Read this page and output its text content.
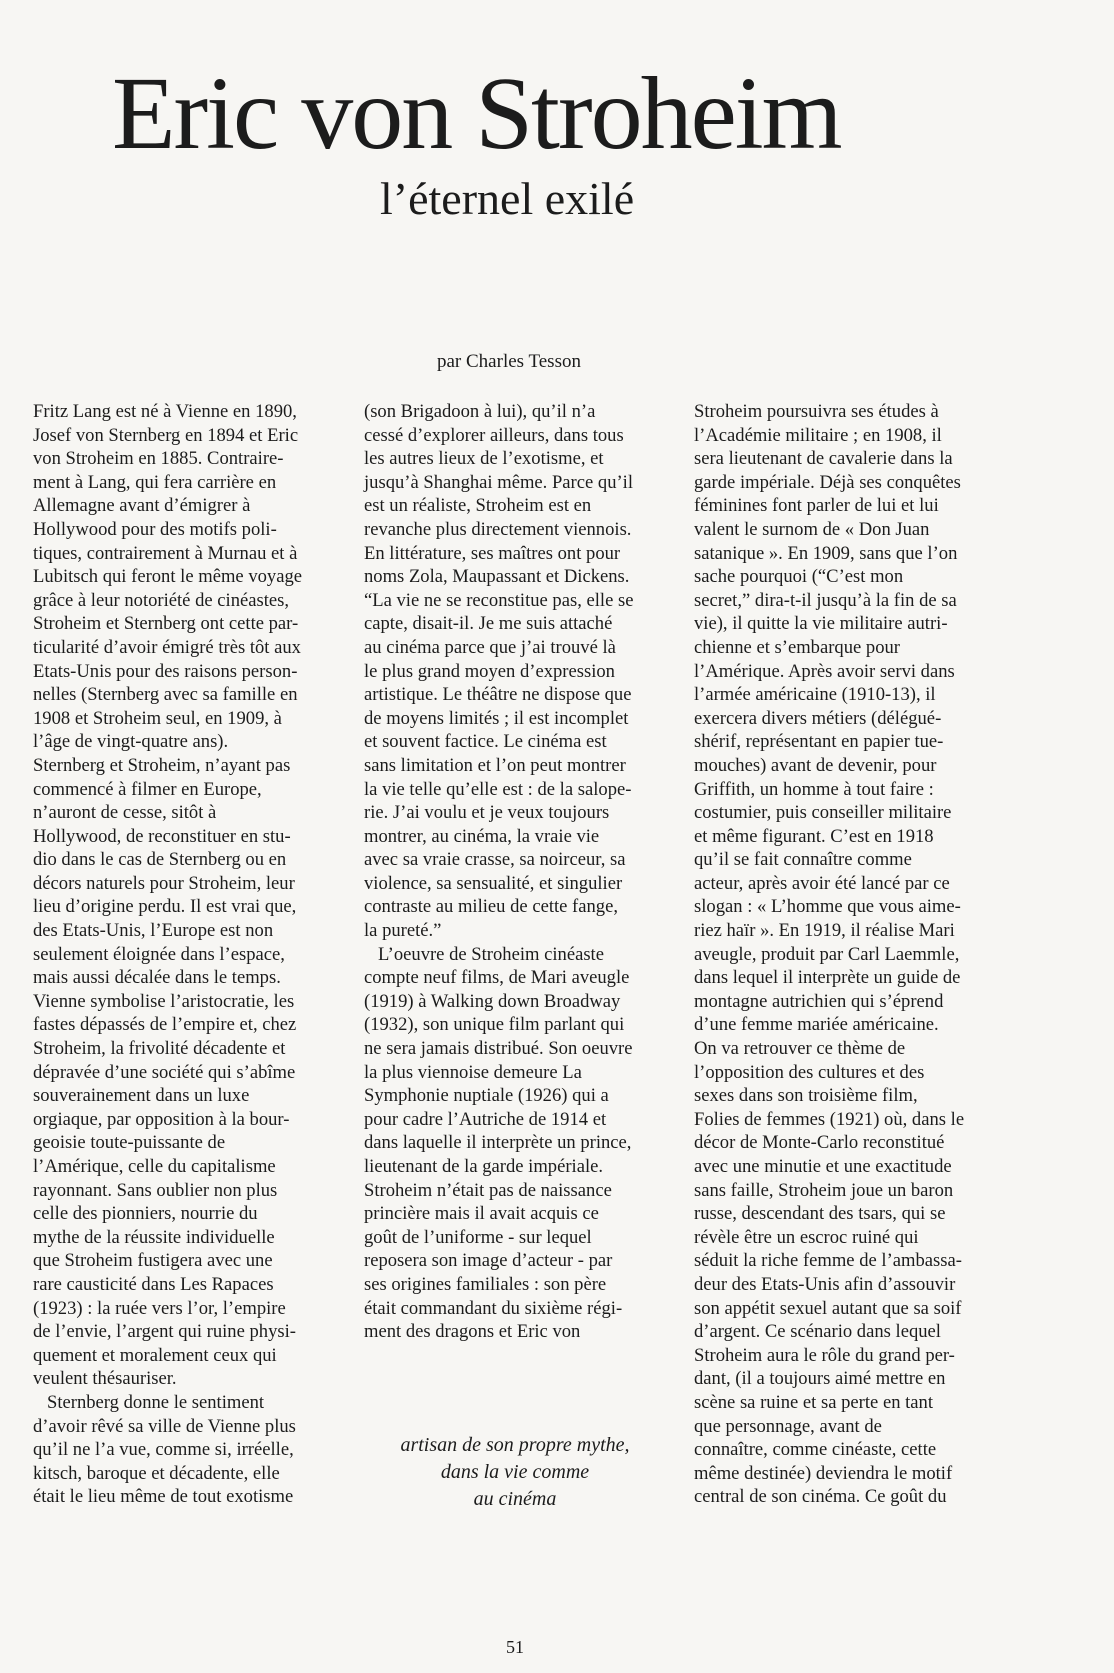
Eric von Stroheim
l’éternel exilé
par Charles Tesson
Fritz Lang est né à Vienne en 1890,
Josef von Sternberg en 1894 et Eric
von Stroheim en 1885. Contraire-
ment à Lang, qui fera carrière en
Allemagne avant d’émigrer à
Hollywood pour des motifs poli-
tiques, contrairement à Murnau et à
Lubitsch qui feront le même voyage
grâce à leur notoriété de cinéastes,
Stroheim et Sternberg ont cette par-
ticularité d’avoir émigré très tôt aux
Etats-Unis pour des raisons person-
nelles (Sternberg avec sa famille en
1908 et Stroheim seul, en 1909, à
l’âge de vingt-quatre ans).
Sternberg et Stroheim, n’ayant pas
commencé à filmer en Europe,
n’auront de cesse, sitôt à
Hollywood, de reconstituer en stu-
dio dans le cas de Sternberg ou en
décors naturels pour Stroheim, leur
lieu d’origine perdu. Il est vrai que,
des Etats-Unis, l’Europe est non
seulement éloignée dans l’espace,
mais aussi décalée dans le temps.
Vienne symbolise l’aristocratie, les
fastes dépassés de l’empire et, chez
Stroheim, la frivolité décadente et
dépravée d’une société qui s’abîme
souverainement dans un luxe
orgiaque, par opposition à la bour-
geoisie toute-puissante de
l’Amérique, celle du capitalisme
rayonnant. Sans oublier non plus
celle des pionniers, nourrie du
mythe de la réussite individuelle
que Stroheim fustigera avec une
rare causticité dans Les Rapaces
(1923) : la ruée vers l’or, l’empire
de l’envie, l’argent qui ruine physi-
quement et moralement ceux qui
veulent thésauriser.
Sternberg donne le sentiment
d’avoir rêvé sa ville de Vienne plus
qu’il ne l’a vue, comme si, irréelle,
kitsch, baroque et décadente, elle
était le lieu même de tout exotisme
(son Brigadoon à lui), qu’il n’a
cessé d’explorer ailleurs, dans tous
les autres lieux de l’exotisme, et
jusqu’à Shanghai même. Parce qu’il
est un réaliste, Stroheim est en
revanche plus directement viennois.
En littérature, ses maîtres ont pour
noms Zola, Maupassant et Dickens.
“La vie ne se reconstitue pas, elle se
capte, disait-il. Je me suis attaché
au cinéma parce que j’ai trouvé là
le plus grand moyen d’expression
artistique. Le théâtre ne dispose que
de moyens limités ; il est incomplet
et souvent factice. Le cinéma est
sans limitation et l’on peut montrer
la vie telle qu’elle est : de la salope-
rie. J’ai voulu et je veux toujours
montrer, au cinéma, la vraie vie
avec sa vraie crasse, sa noirceur, sa
violence, sa sensualité, et singulier
contraste au milieu de cette fange,
la pureté.”
L’oeuvre de Stroheim cinéaste
compte neuf films, de Mari aveugle
(1919) à Walking down Broadway
(1932), son unique film parlant qui
ne sera jamais distribué. Son oeuvre
la plus viennoise demeure La
Symphonie nuptiale (1926) qui a
pour cadre l’Autriche de 1914 et
dans laquelle il interprète un prince,
lieutenant de la garde impériale.
Stroheim n’était pas de naissance
princière mais il avait acquis ce
goût de l’uniforme - sur lequel
reposera son image d’acteur - par
ses origines familiales : son père
était commandant du sixième régi-
ment des dragons et Eric von
Stroheim poursuivra ses études à
l’Académie militaire ; en 1908, il
sera lieutenant de cavalerie dans la
garde impériale. Déjà ses conquêtes
féminines font parler de lui et lui
valent le surnom de « Don Juan
satanique ». En 1909, sans que l’on
sache pourquoi (“C’est mon
secret,” dira-t-il jusqu’à la fin de sa
vie), il quitte la vie militaire autri-
chienne et s’embarque pour
l’Amérique. Après avoir servi dans
l’armée américaine (1910-13), il
exercera divers métiers (délégué-
shérif, représentant en papier tue-
mouches) avant de devenir, pour
Griffith, un homme à tout faire :
costumier, puis conseiller militaire
et même figurant. C’est en 1918
qu’il se fait connaître comme
acteur, après avoir été lancé par ce
slogan : « L’homme que vous aime-
riez haïr ». En 1919, il réalise Mari
aveugle, produit par Carl Laemmle,
dans lequel il interprète un guide de
montagne autrichien qui s’éprend
d’une femme mariée américaine.
On va retrouver ce thème de
l’opposition des cultures et des
sexes dans son troisième film,
Folies de femmes (1921) où, dans le
décor de Monte-Carlo reconstitué
avec une minutie et une exactitude
sans faille, Stroheim joue un baron
russe, descendant des tsars, qui se
révèle être un escroc ruiné qui
séduit la riche femme de l’ambassa-
deur des Etats-Unis afin d’assouvir
son appétit sexuel autant que sa soif
d’argent. Ce scénario dans lequel
Stroheim aura le rôle du grand per-
dant, (il a toujours aimé mettre en
scène sa ruine et sa perte en tant
que personnage, avant de
connaître, comme cinéaste, cette
même destinée) deviendra le motif
central de son cinéma. Ce goût du
artisan de son propre mythe,
dans la vie comme
au cinéma
51
